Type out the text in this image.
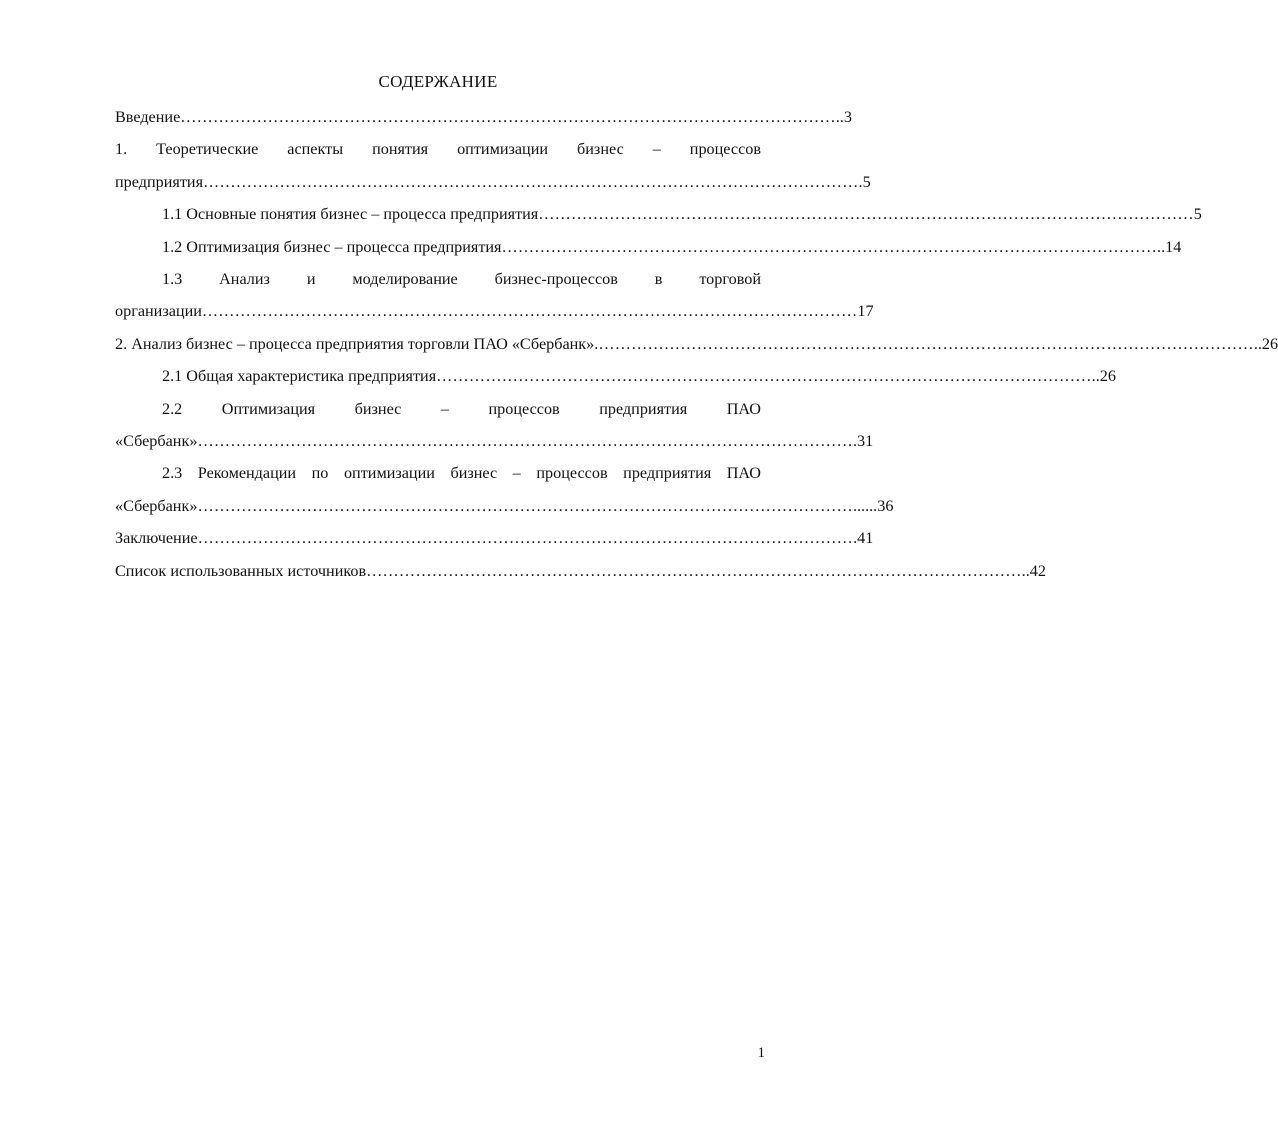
СОДЕРЖАНИЕ
Введение ………………………………………………………………………………………………………… ..3
1. Теоретические аспекты понятия оптимизации бизнес – процессов
предприятия ………………………………………………………………………………………………………… .5
1.1 Основные понятия бизнес – процесса предприятия ………………………………………………………………………………………………………… 5
1.2 Оптимизация бизнес – процесса предприятия ………………………………………………………………………………………………………… ..14
1.3 Анализ и моделирование бизнес-процессов в торговой
организации ………………………………………………………………………………………………………… 17
2. Анализ бизнес – процесса предприятия торговли ПАО «Сбербанк». ………………………………………………………………………………………………………… ..26
2.1 Общая характеристика предприятия ………………………………………………………………………………………………………… ..26
2.2 Оптимизация бизнес – процессов предприятия ПАО
«Сбербанк» ………………………………………………………………………………………………………… .31
2.3 Рекомендации по оптимизации бизнес – процессов предприятия ПАО
«Сбербанк» ………………………………………………………………………………………………………… ......36
Заключение ………………………………………………………………………………………………………… .41
Список использованных источников ………………………………………………………………………………………………………… ..42
1
